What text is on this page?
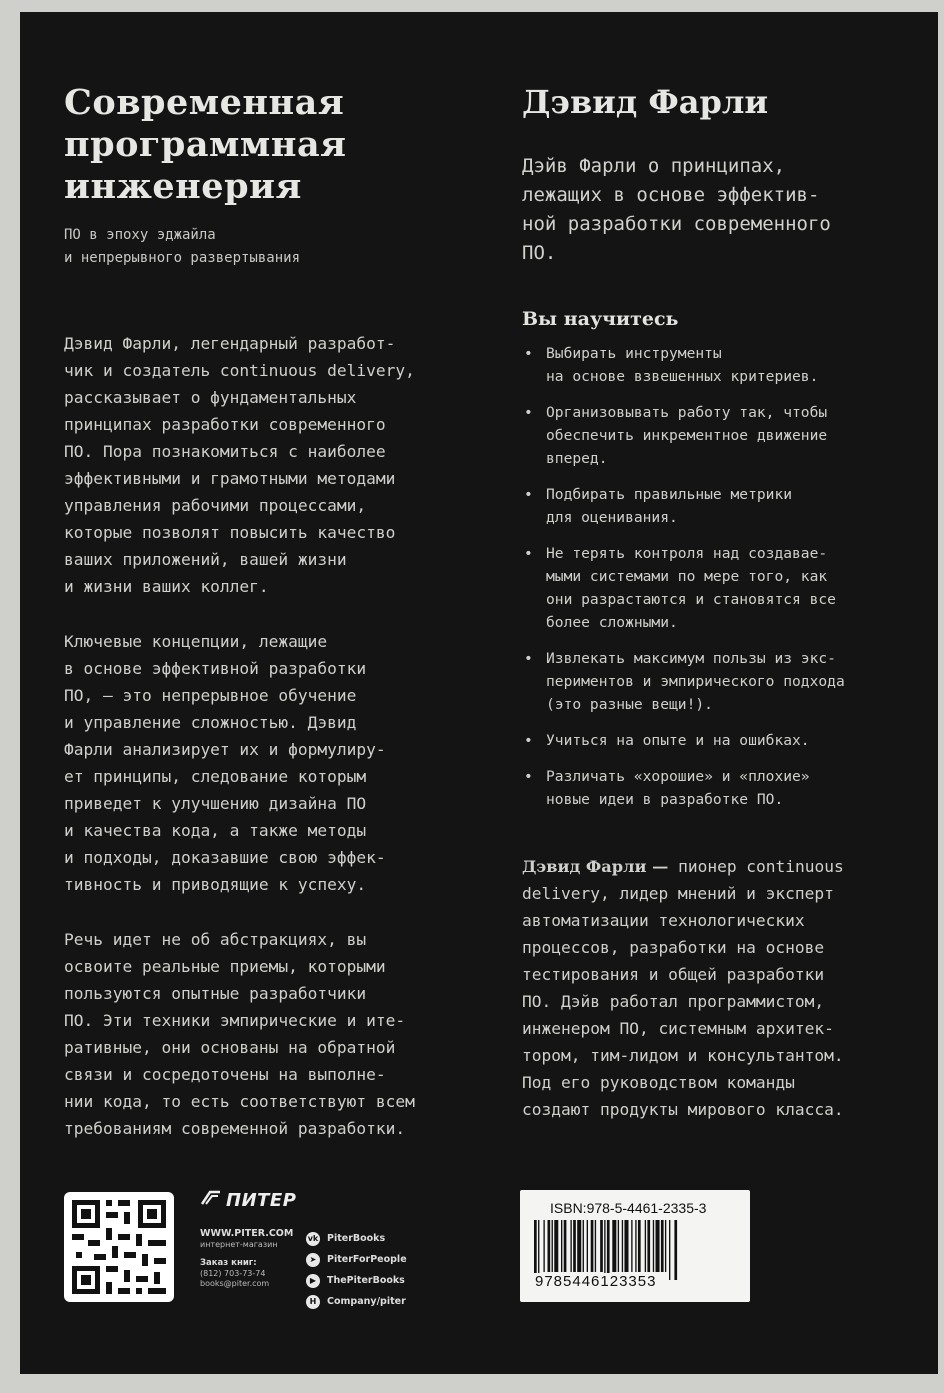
Современная
программная
инженерия
ПО в эпоху эджайла
и непрерывного развертывания

Дэвид Фарли, легендарный разработ-
чик и создатель continuous delivery,
рассказывает о фундаментальных
принципах разработки современного
ПО. Пора познакомиться с наиболее
эффективными и грамотными методами
управления рабочими процессами,
которые позволят повысить качество
ваших приложений, вашей жизни
и жизни ваших коллег.

Ключевые концепции, лежащие
в основе эффективной разработки
ПО, — это непрерывное обучение
и управление сложностью. Дэвид
Фарли анализирует их и формулиру-
ет принципы, следование которым
приведет к улучшению дизайна ПО
и качества кода, а также методы
и подходы, доказавшие свою эффек-
тивность и приводящие к успеху.

Речь идет не об абстракциях, вы
освоите реальные приемы, которыми
пользуются опытные разработчики
ПО. Эти техники эмпирические и ите-
ративные, они основаны на обратной
связи и сосредоточены на выполне-
нии кода, то есть соответствуют всем
требованиям современной разработки.

Дэвид Фарли
Дэйв Фарли о принципах,
лежащих в основе эффектив-
ной разработки современного
ПО.
Вы научитесь
• Выбирать инструменты
на основе взвешенных критериев.
• Организовывать работу так, чтобы
обеспечить инкрементное движение
вперед.
• Подбирать правильные метрики
для оценивания.
• Не терять контроля над создавае-
мыми системами по мере того, как
они разрастаются и становятся все
более сложными.
• Извлекать максимум пользы из экс-
периментов и эмпирического подхода
(это разные вещи!).
• Учиться на опыте и на ошибках.
• Различать «хорошие» и «плохие»
новые идеи в разработке ПО.
Дэвид Фарли — пионер continuous
delivery, лидер мнений и эксперт
автоматизации технологических
процессов, разработки на основе
тестирования и общей разработки
ПО. Дэйв работал программистом,
инженером ПО, системным архитек-
тором, тим-лидом и консультантом.
Под его руководством команды
создают продукты мирового класса.
ПИТЕР
WWW.PITER.COM
интернет-магазин
Заказ книг:
(812) 703-73-74
books@piter.com
vk PiterBooks
➤	PiterForPeople
▶	ThePiterBooks
H	Company/piter
ISBN:978-5-4461-2335-3
9785446123353
